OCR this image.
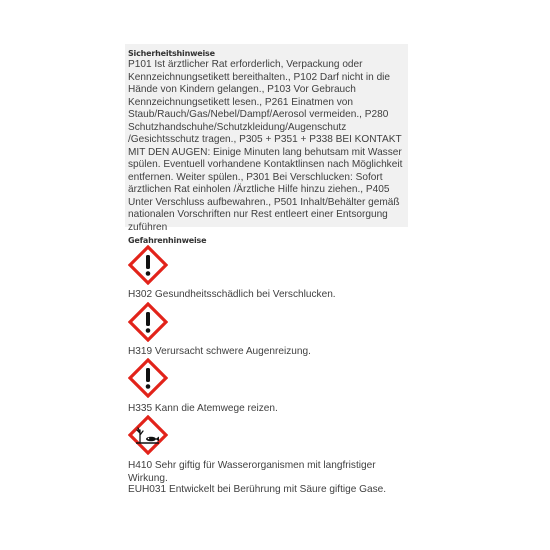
Sicherheitshinweise
P101 Ist ärztlicher Rat erforderlich, Verpackung oder Kennzeichnungsetikett bereithalten., P102 Darf nicht in die Hände von Kindern gelangen., P103 Vor Gebrauch Kennzeichnungsetikett lesen., P261 Einatmen von Staub/Rauch/Gas/Nebel/Dampf/Aerosol vermeiden., P280 Schutzhandschuhe/Schutzkleidung/Augenschutz /Gesichtsschutz tragen., P305 + P351 + P338 BEI KONTAKT MIT DEN AUGEN: Einige Minuten lang behutsam mit Wasser spülen. Eventuell vorhandene Kontaktlinsen nach Möglichkeit entfernen. Weiter spülen., P301 Bei Verschlucken: Sofort ärztlichen Rat einholen /Ärztliche Hilfe hinzu ziehen., P405 Unter Verschluss aufbewahren., P501 Inhalt/Behälter gemäß nationalen Vorschriften nur Rest entleert einer Entsorgung zuführen
Gefahrenhinweise
H302 Gesundheitsschädlich bei Verschlucken.
H319 Verursacht schwere Augenreizung.
H335 Kann die Atemwege reizen.
H410 Sehr giftig für Wasserorganismen mit langfristiger Wirkung.
EUH031 Entwickelt bei Berührung mit Säure giftige Gase.
